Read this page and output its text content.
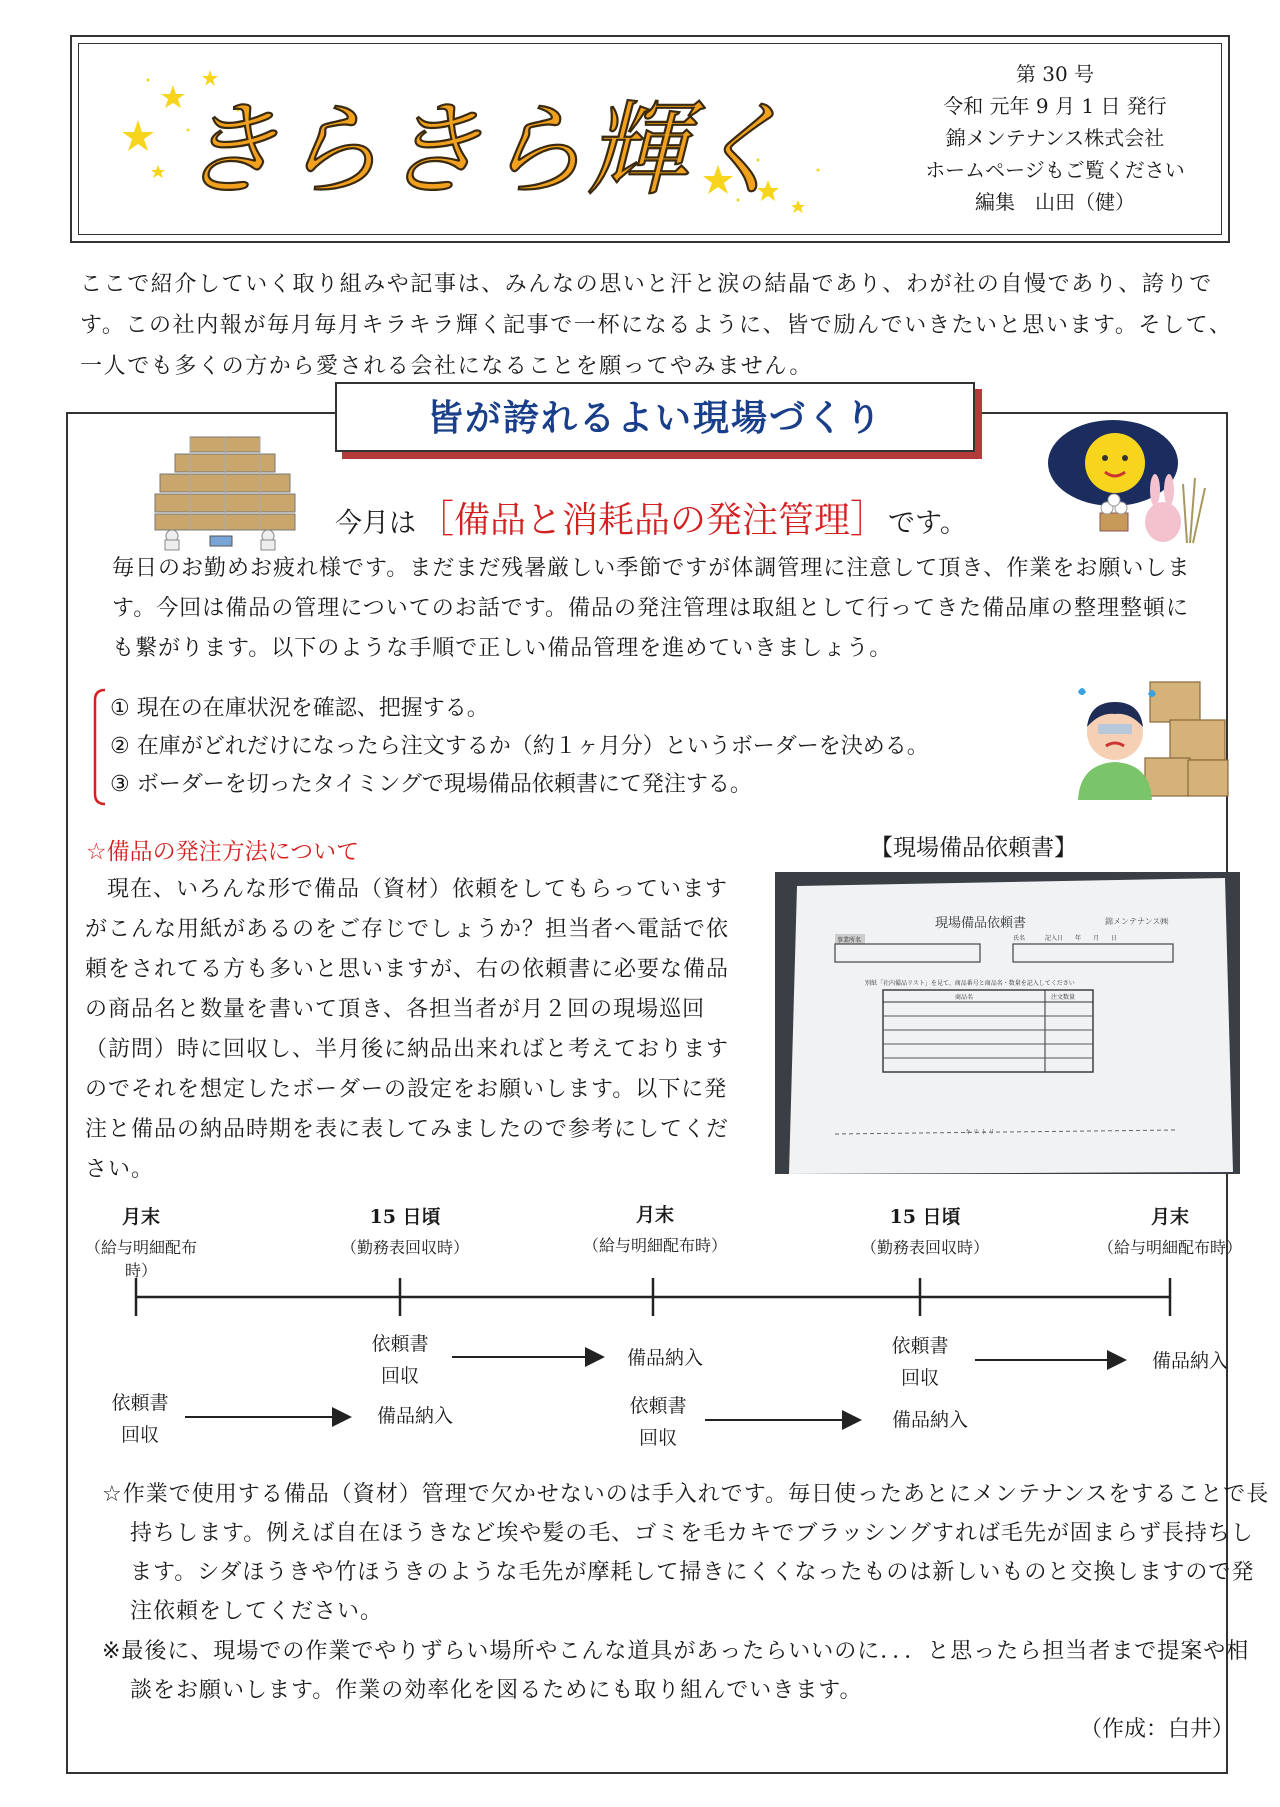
きらきら輝く
第 30 号
令和 元年 9 月 1 日 発行
錦メンテナンス株式会社
ホームページもご覧ください
編集　山田（健）
ここで紹介していく取り組みや記事は、みんなの思いと汗と涙の結晶であり、わが社の自慢であり、誇りです。この社内報が毎月毎月キラキラ輝く記事で一杯になるように、皆で励んでいきたいと思います。そして、一人でも多くの方から愛される会社になることを願ってやみません。
皆が誇れるよい現場づくり
今月は［備品と消耗品の発注管理］です。
毎日のお勤めお疲れ様です。まだまだ残暑厳しい季節ですが体調管理に注意して頂き、作業をお願いします。今回は備品の管理についてのお話です。備品の発注管理は取組として行ってきた備品庫の整理整頓にも繋がります。以下のような手順で正しい備品管理を進めていきましょう。
① 現在の在庫状況を確認、把握する。
② 在庫がどれだけになったら注文するか（約１ヶ月分）というボーダーを決める。
③ ボーダーを切ったタイミングで現場備品依頼書にて発注する。
☆備品の発注方法について	【現場備品依頼書】
現在、いろんな形で備品（資材）依頼をしてもらっていますがこんな用紙があるのをご存じでしょうか？担当者へ電話で依頼をされてる方も多いと思いますが、右の依頼書に必要な備品の商品名と数量を書いて頂き、各担当者が月２回の現場巡回（訪問）時に回収し、半月後に納品出来ればと考えておりますのでそれを想定したボーダーの設定をお願いします。以下に発注と備品の納品時期を表に表してみましたので参考にしてください。
現場備品依頼書	錦メンテナンス㈱
事業所名	氏名	記入日　　年　　月　　日
別紙「社内備品リスト」を見て、商品番号と商品名・数量を記入してください
商品名	注文数量
キ リ ト リ
月末
（給与明細配布時）
15 日頃
（勤務表回収時）
月末
（給与明細配布時）
15 日頃
（勤務表回収時）
月末
（給与明細配布時）
依頼書
回収
備品納入
依頼書
回収
備品納入	依頼書
回収
備品納入
依頼書
回収
備品納入
☆作業で使用する備品（資材）管理で欠かせないのは手入れです。毎日使ったあとにメンテナンスをすることで長持ちします。例えば自在ほうきなど埃や髪の毛、ゴミを毛カキでブラッシングすれば毛先が固まらず長持ちします。シダほうきや竹ほうきのような毛先が摩耗して掃きにくくなったものは新しいものと交換しますので発注依頼をしてください。
※最後に、現場での作業でやりずらい場所やこんな道具があったらいいのに．．．と思ったら担当者まで提案や相談をお願いします。作業の効率化を図るためにも取り組んでいきます。
（作成：白井）
